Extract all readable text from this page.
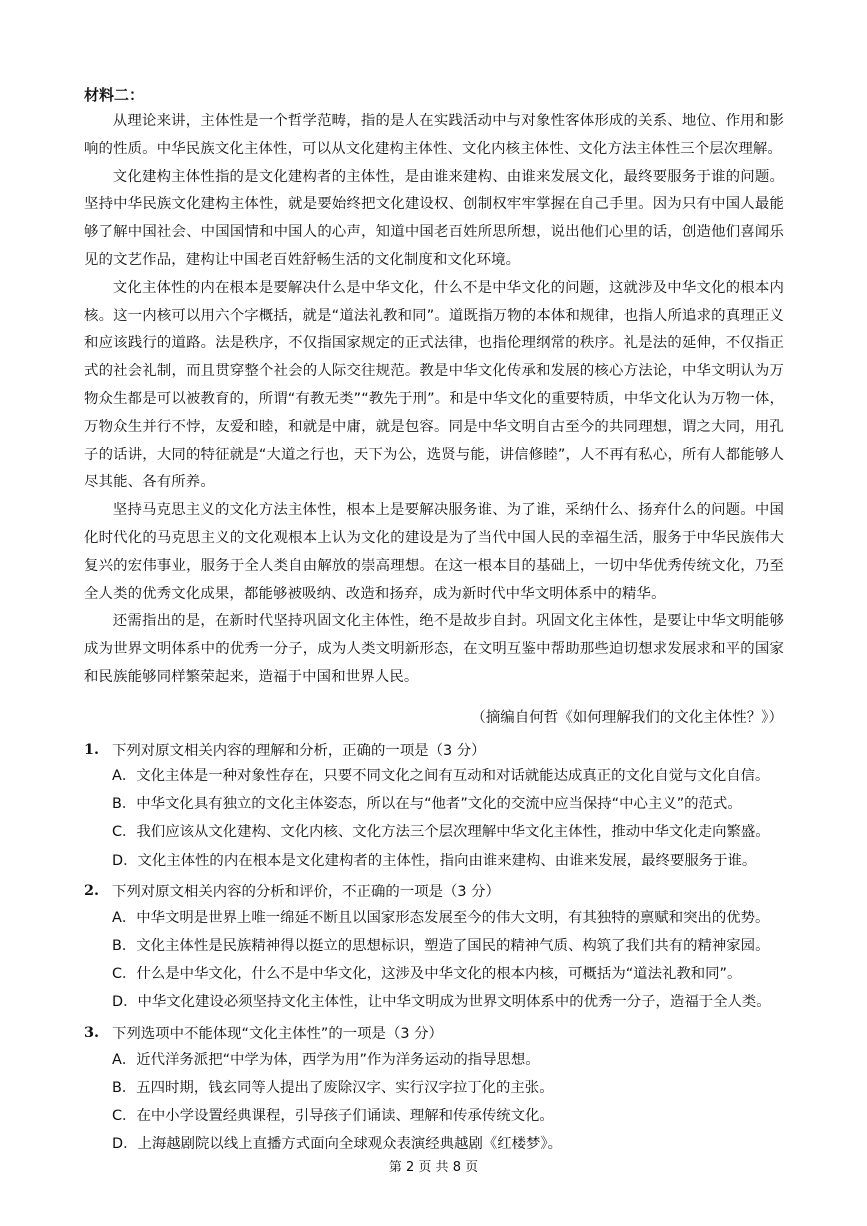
材料二：

从理论来讲，主体性是一个哲学范畴，指的是人在实践活动中与对象性客体形成的关系、地位、作用和影响的性质。中华民族文化主体性，可以从文化建构主体性、文化内核主体性、文化方法主体性三个层次理解。

文化建构主体性指的是文化建构者的主体性，是由谁来建构、由谁来发展文化，最终要服务于谁的问题。坚持中华民族文化建构主体性，就是要始终把文化建设权、创制权牢牢掌握在自己手里。因为只有中国人最能够了解中国社会、中国国情和中国人的心声，知道中国老百姓所思所想，说出他们心里的话，创造他们喜闻乐见的文艺作品，建构让中国老百姓舒畅生活的文化制度和文化环境。

文化主体性的内在根本是要解决什么是中华文化，什么不是中华文化的问题，这就涉及中华文化的根本内核。这一内核可以用六个字概括，就是“道法礼教和同”。道既指万物的本体和规律，也指人所追求的真理正义和应该践行的道路。法是秩序，不仅指国家规定的正式法律，也指伦理纲常的秩序。礼是法的延伸，不仅指正式的社会礼制，而且贯穿整个社会的人际交往规范。教是中华文化传承和发展的核心方法论，中华文明认为万物众生都是可以被教育的，所谓“有教无类”“教先于刑”。和是中华文化的重要特质，中华文化认为万物一体，万物众生并行不悖，友爱和睦，和就是中庸，就是包容。同是中华文明自古至今的共同理想，谓之大同，用孔子的话讲，大同的特征就是“大道之行也，天下为公，选贤与能，讲信修睦”，人不再有私心，所有人都能够人尽其能、各有所养。

坚持马克思主义的文化方法主体性，根本上是要解决服务谁、为了谁，采纳什么、扬弃什么的问题。中国化时代化的马克思主义的文化观根本上认为文化的建设是为了当代中国人民的幸福生活，服务于中华民族伟大复兴的宏伟事业，服务于全人类自由解放的崇高理想。在这一根本目的基础上，一切中华优秀传统文化，乃至全人类的优秀文化成果，都能够被吸纳、改造和扬弃，成为新时代中华文明体系中的精华。

还需指出的是，在新时代坚持巩固文化主体性，绝不是故步自封。巩固文化主体性，是要让中华文明能够成为世界文明体系中的优秀一分子，成为人类文明新形态，在文明互鉴中帮助那些迫切想求发展求和平的国家和民族能够同样繁荣起来，造福于中国和世界人民。

（摘编自何哲《如何理解我们的文化主体性？》）
1. 下列对原文相关内容的理解和分析，正确的一项是（3 分）
A．文化主体是一种对象性存在，只要不同文化之间有互动和对话就能达成真正的文化自觉与文化自信。
B．中华文化具有独立的文化主体姿态，所以在与“他者”文化的交流中应当保持“中心主义”的范式。
C．我们应该从文化建构、文化内核、文化方法三个层次理解中华文化主体性，推动中华文化走向繁盛。
D．文化主体性的内在根本是文化建构者的主体性，指向由谁来建构、由谁来发展，最终要服务于谁。
2. 下列对原文相关内容的分析和评价，不正确的一项是（3 分）
A．中华文明是世界上唯一绵延不断且以国家形态发展至今的伟大文明，有其独特的禀赋和突出的优势。
B．文化主体性是民族精神得以挺立的思想标识，塑造了国民的精神气质、构筑了我们共有的精神家园。
C．什么是中华文化，什么不是中华文化，这涉及中华文化的根本内核，可概括为“道法礼教和同”。
D．中华文化建设必须坚持文化主体性，让中华文明成为世界文明体系中的优秀一分子，造福于全人类。
3. 下列选项中不能体现“文化主体性”的一项是（3 分）
A．近代洋务派把“中学为体，西学为用”作为洋务运动的指导思想。
B．五四时期，钱玄同等人提出了废除汉字、实行汉字拉丁化的主张。
C．在中小学设置经典课程，引导孩子们诵读、理解和传承传统文化。
D．上海越剧院以线上直播方式面向全球观众表演经典越剧《红楼梦》。
第 2 页 共 8 页
